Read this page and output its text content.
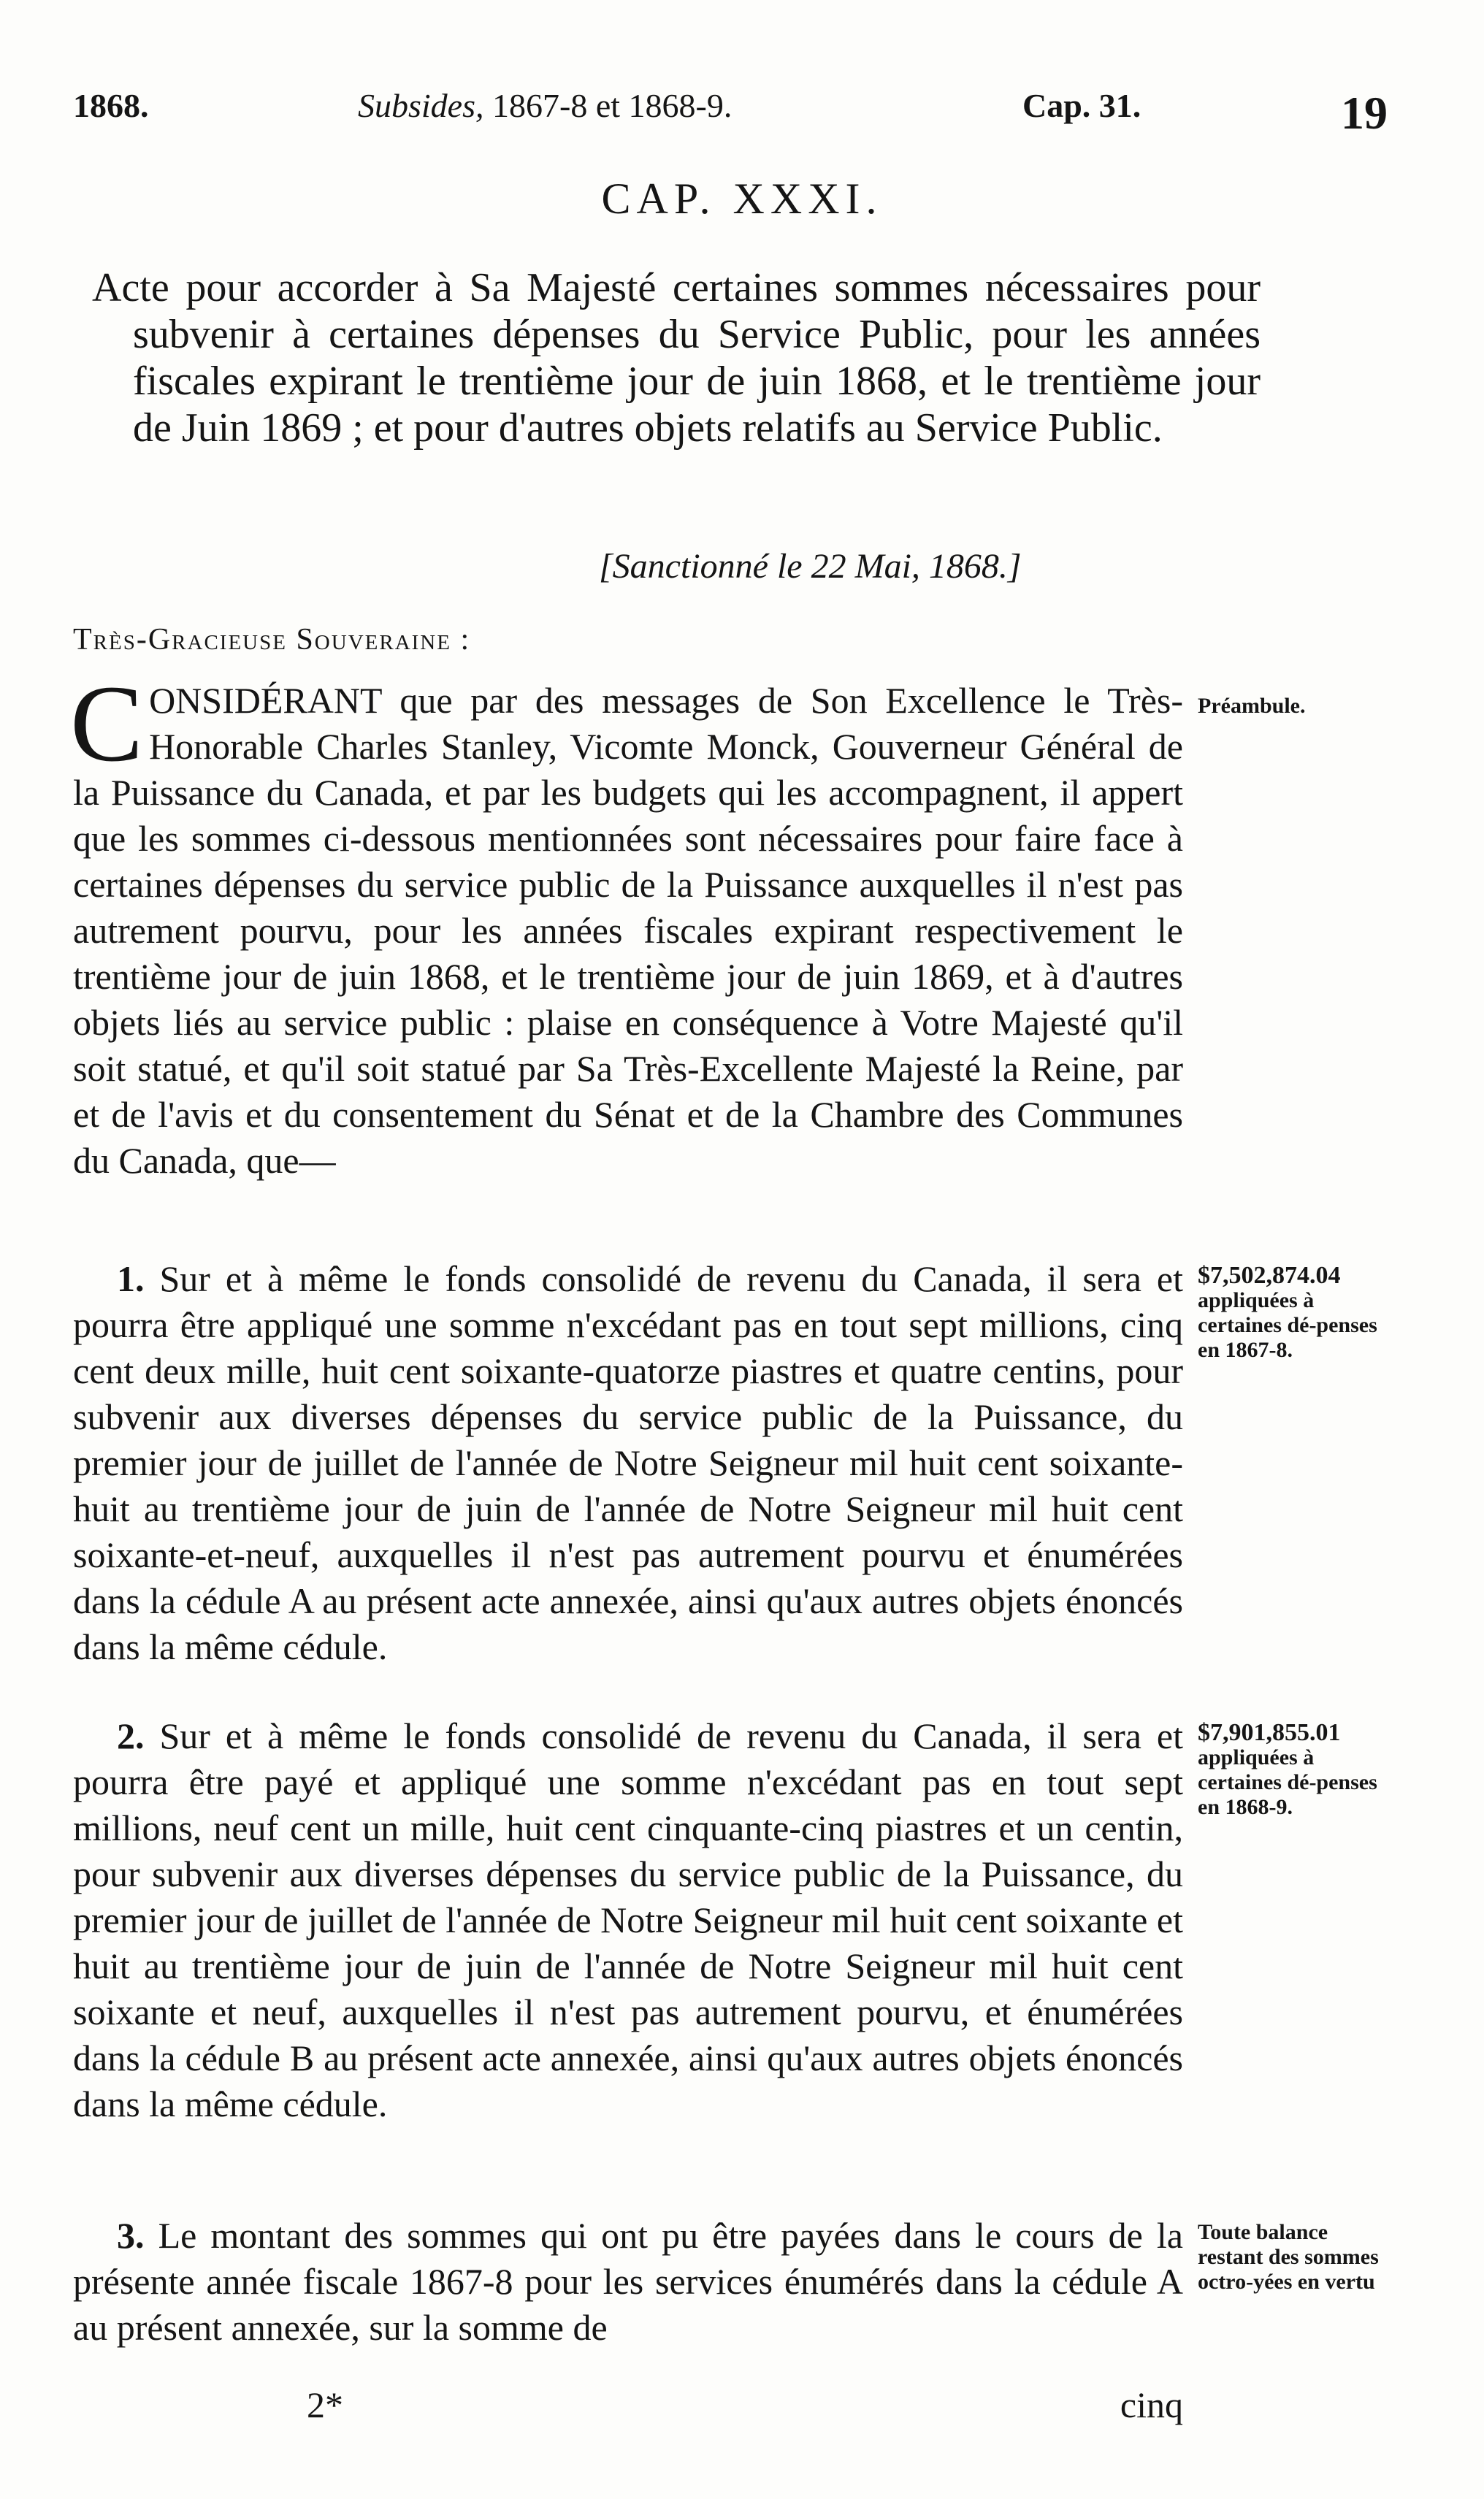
1868.	Subsides, 1867-8 et 1868-9.	Cap. 31.	19
CAP. XXXI.
Acte pour accorder à Sa Majesté certaines sommes nécessaires pour subvenir à certaines dépenses du Service Public, pour les années fiscales expirant le trentième jour de juin 1868, et le trentième jour de Juin 1869 ; et pour d'autres objets relatifs au Service Public.
[Sanctionné le 22 Mai, 1868.]
Très-Gracieuse Souveraine :

CONSIDÉRANT que par des messages de Son Excellence le Très-Honorable Charles Stanley, Vicomte Monck, Gouverneur Général de la Puissance du Canada, et par les budgets qui les accompagnent, il appert que les sommes ci-dessous mentionnées sont nécessaires pour faire face à certaines dépenses du service public de la Puissance auxquelles il n'est pas autrement pourvu, pour les années fiscales expirant respectivement le trentième jour de juin 1868, et le trentième jour de juin 1869, et à d'autres objets liés au service public : plaise en conséquence à Votre Majesté qu'il soit statué, et qu'il soit statué par Sa Très-Excellente Majesté la Reine, par et de l'avis et du consentement du Sénat et de la Chambre des Communes du Canada, que—

Préambule.

1. Sur et à même le fonds consolidé de revenu du Canada, il sera et pourra être appliqué une somme n'excédant pas en tout sept millions, cinq cent deux mille, huit cent soixante-quatorze piastres et quatre centins, pour subvenir aux diverses dépenses du service public de la Puissance, du premier jour de juillet de l'année de Notre Seigneur mil huit cent soixante-huit au trentième jour de juin de l'année de Notre Seigneur mil huit cent soixante-et-neuf, auxquelles il n'est pas autrement pourvu et énumérées dans la cédule A au présent acte annexée, ainsi qu'aux autres objets énoncés dans la même cédule.

$7,502,874.04
appliquées à certaines dé-penses en 1867-8.

2. Sur et à même le fonds consolidé de revenu du Canada, il sera et pourra être payé et appliqué une somme n'excédant pas en tout sept millions, neuf cent un mille, huit cent cinquante-cinq piastres et un centin, pour subvenir aux diverses dépenses du service public de la Puissance, du premier jour de juillet de l'année de Notre Seigneur mil huit cent soixante et huit au trentième jour de juin de l'année de Notre Seigneur mil huit cent soixante et neuf, auxquelles il n'est pas autrement pourvu, et énumérées dans la cédule B au présent acte annexée, ainsi qu'aux autres objets énoncés dans la même cédule.

$7,901,855.01
appliquées à certaines dé-penses en 1868-9.

3. Le montant des sommes qui ont pu être payées dans le cours de la présente année fiscale 1867-8 pour les services énumérés dans la cédule A au présent annexée, sur la somme de

Toute balance restant des sommes octro-yées en vertu
2*	cinq
